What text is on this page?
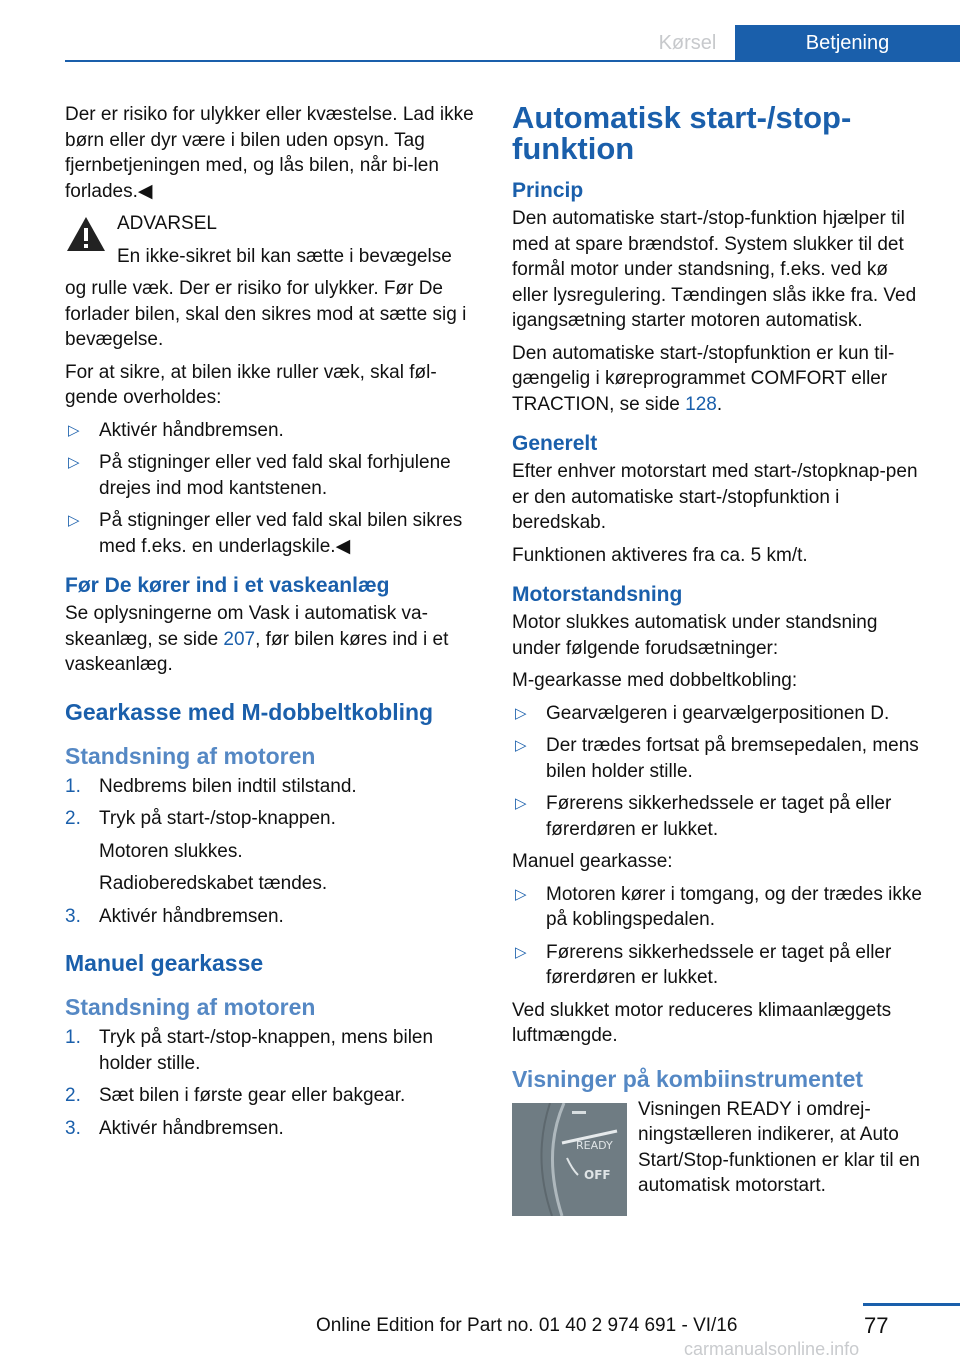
Kørsel	Betjening

Der er risiko for ulykker eller kvæstelse. Lad ikke børn eller dyr være i bilen uden opsyn. Tag fjernbetjeningen med, og lås bilen, når bi‐len forlades.◀

ADVARSEL
En ikke-sikret bil kan sætte i bevægelse

og rulle væk. Der er risiko for ulykker. Før De forlader bilen, skal den sikres mod at sætte sig i bevægelse.

For at sikre, at bilen ikke ruller væk, skal føl‐gende overholdes:

▷ Aktivér håndbremsen.
▷ På stigninger eller ved fald skal forhjulene drejes ind mod kantstenen.
▷ På stigninger eller ved fald skal bilen sikres med f.eks. en underlagskile.◀
Før De kører ind i et vaskeanlæg

Se oplysningerne om Vask i automatisk va‐skeanlæg, se side 207, før bilen køres ind i et vaskeanlæg.

Gearkasse med M-dobbeltkobling
Standsning af motoren
1. Nedbrems bilen indtil stilstand.
2. Tryk på start-/stop-knappen.

Motoren slukkes.

Radioberedskabet tændes.

3. Aktivér håndbremsen.
Manuel gearkasse
Standsning af motoren
1. Tryk på start-/stop-knappen, mens bilen holder stille.
2. Sæt bilen i første gear eller bakgear.
3. Aktivér håndbremsen.
Automatisk start-/stop-funktion
Princip

Den automatiske start-/stop-funktion hjælper til med at spare brændstof. System slukker til det formål motor under standsning, f.eks. ved kø eller lysregulering. Tændingen slås ikke fra. Ved igangsætning starter motoren automatisk.

Den automatiske start-/stopfunktion er kun til‐gængelig i køreprogrammet COMFORT eller TRACTION, se side 128.

Generelt

Efter enhver motorstart med start-/stopknap‐pen er den automatiske start-/stopfunktion i beredskab.

Funktionen aktiveres fra ca. 5 km/t.

Motorstandsning

Motor slukkes automatisk under standsning under følgende forudsætninger:

M-gearkasse med dobbeltkobling:

▷ Gearvælgeren i gearvælgerpositionen D.
▷ Der trædes fortsat på bremsepedalen, mens bilen holder stille.
▷ Førerens sikkerhedssele er taget på eller førerdøren er lukket.

Manuel gearkasse:

▷ Motoren kører i tomgang, og der trædes ikke på koblingspedalen.
▷ Førerens sikkerhedssele er taget på eller førerdøren er lukket.

Ved slukket motor reduceres klimaanlæggets luftmængde.

Visninger på kombiinstrumentet
READY
OFF

Visningen READY i omdrej‐ningstælleren indikerer, at Auto Start/Stop-funktionen er klar til en automatisk motorstart.

77
Online Edition for Part no. 01 40 2 974 691 - VI/16
carmanualsonline.info
